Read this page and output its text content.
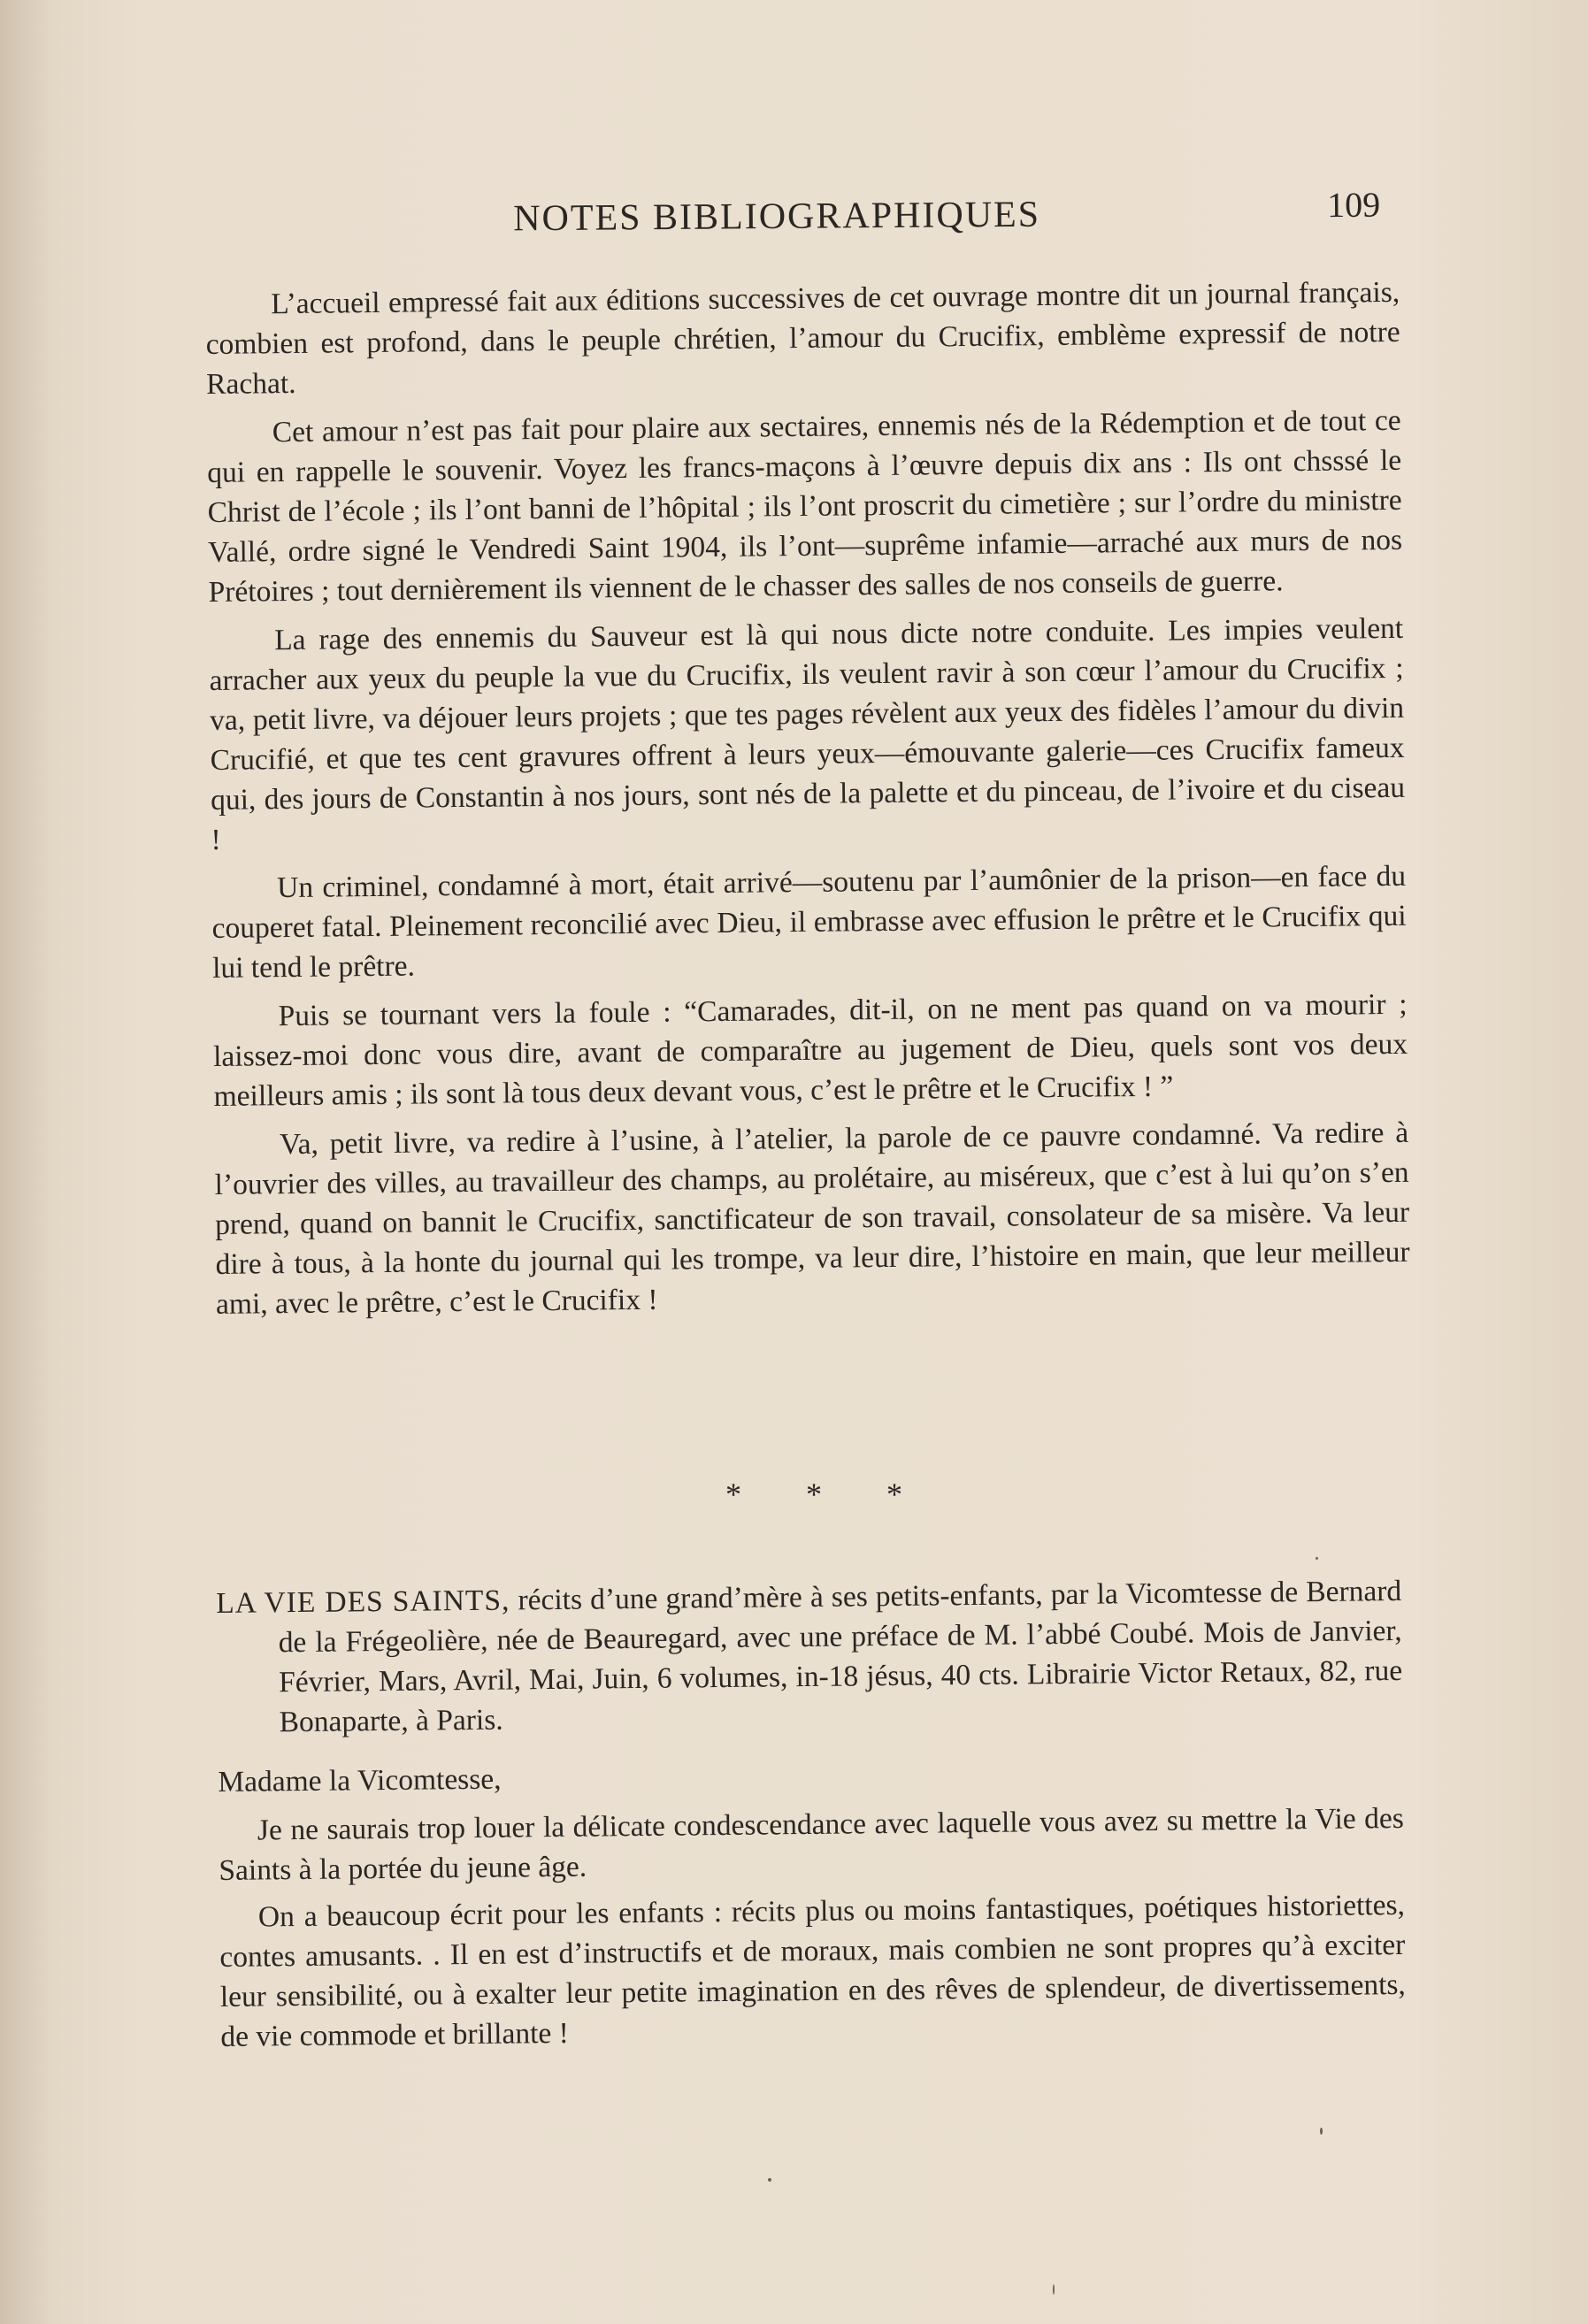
NOTES BIBLIOGRAPHIQUES	109

L’accueil empressé fait aux éditions successives de cet ouvrage montre dit un journal français, combien est profond, dans le peuple chrétien, l’amour du Crucifix, emblème expressif de notre Rachat.

Cet amour n’est pas fait pour plaire aux sectaires, ennemis nés de la Rédemption et de tout ce qui en rappelle le souvenir. Voyez les francs-maçons à l’œuvre depuis dix ans : Ils ont chsssé le Christ de l’école ; ils l’ont banni de l’hôpital ; ils l’ont proscrit du cimetière ; sur l’ordre du ministre Vallé, ordre signé le Vendredi Saint 1904, ils l’ont—suprême infamie—arraché aux murs de nos Prétoires ; tout dernièrement ils viennent de le chasser des salles de nos conseils de guerre.

La rage des ennemis du Sauveur est là qui nous dicte notre conduite. Les impies veulent arracher aux yeux du peuple la vue du Crucifix, ils veulent ravir à son cœur l’amour du Crucifix ; va, petit livre, va déjouer leurs projets ; que tes pages révèlent aux yeux des fidèles l’amour du divin Crucifié, et que tes cent gravures offrent à leurs yeux—émouvante galerie—ces Crucifix fameux qui, des jours de Constantin à nos jours, sont nés de la palette et du pinceau, de l’ivoire et du ciseau !

Un criminel, condamné à mort, était arrivé—soutenu par l’aumônier de la prison—en face du couperet fatal. Pleinement reconcilié avec Dieu, il embrasse avec effusion le prêtre et le Crucifix qui lui tend le prêtre.

Puis se tournant vers la foule : “Camarades, dit-il, on ne ment pas quand on va mourir ; laissez-moi donc vous dire, avant de comparaître au jugement de Dieu, quels sont vos deux meilleurs amis ; ils sont là tous deux devant vous, c’est le prêtre et le Crucifix ! ”

Va, petit livre, va redire à l’usine, à l’atelier, la parole de ce pauvre condamné. Va redire à l’ouvrier des villes, au travailleur des champs, au prolétaire, au miséreux, que c’est à lui qu’on s’en prend, quand on bannit le Crucifix, sanctificateur de son travail, consolateur de sa misère. Va leur dire à tous, à la honte du journal qui les trompe, va leur dire, l’histoire en main, que leur meilleur ami, avec le prêtre, c’est le Crucifix !

* * *

LA VIE DES SAINTS, récits d’une grand’mère à ses petits-enfants, par la Vicomtesse de Bernard de la Frégeolière, née de Beauregard, avec une préface de M. l’abbé Coubé. Mois de Janvier, Février, Mars, Avril, Mai, Juin, 6 volumes, in-18 jésus, 40 cts. Librairie Victor Retaux, 82, rue Bonaparte, à Paris.

Madame la Vicomtesse,

Je ne saurais trop louer la délicate condescendance avec laquelle vous avez su mettre la Vie des Saints à la portée du jeune âge.

On a beaucoup écrit pour les enfants : récits plus ou moins fantastiques, poétiques historiettes, contes amusants. . Il en est d’instructifs et de moraux, mais combien ne sont propres qu’à exciter leur sensibilité, ou à exalter leur petite imagination en des rêves de splendeur, de divertissements, de vie commode et brillante !
